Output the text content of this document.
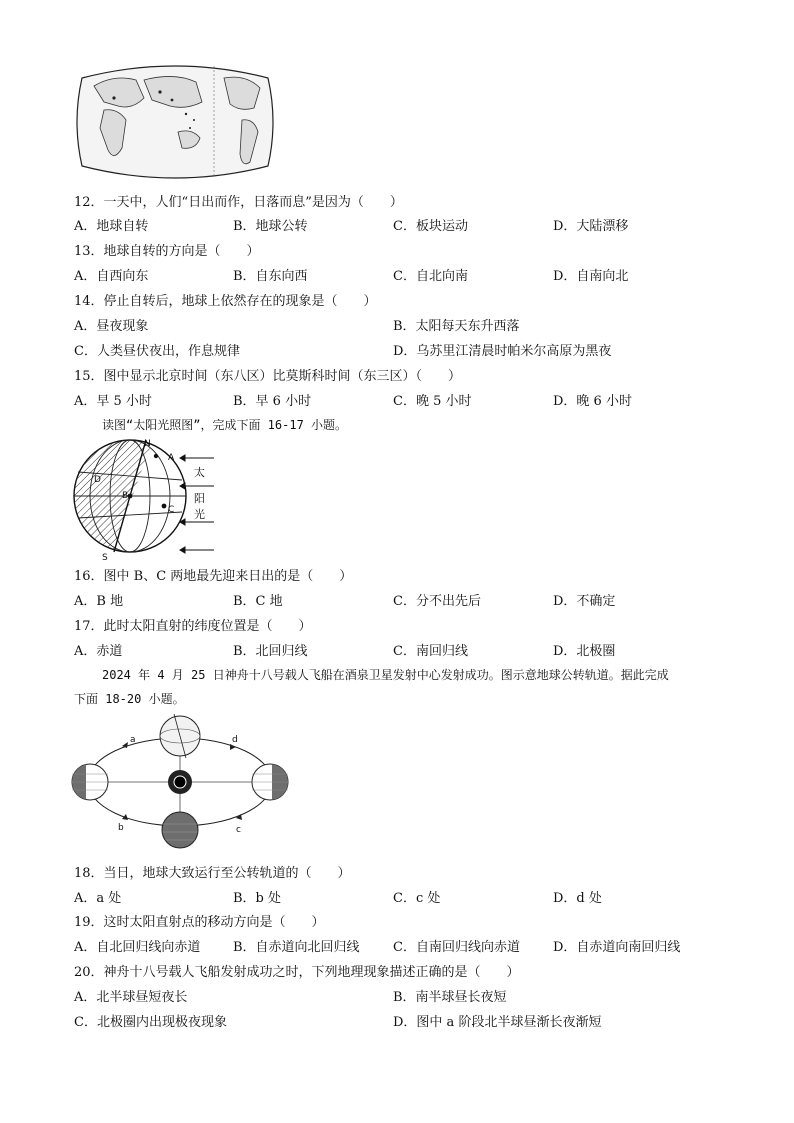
12．一天中，人们“日出而作，日落而息”是因为（　　）
A．地球自转	B．地球公转	C．板块运动	D．大陆漂移
13．地球自转的方向是（　　）
A．自西向东	B．自东向西	C．自北向南	D．自南向北
14．停止自转后，地球上依然存在的现象是（　　）
A．昼夜现象	B．太阳每天东升西落
C．人类昼伏夜出，作息规律	D．乌苏里江清晨时帕米尔高原为黑夜
15．图中显示北京时间（东八区）比莫斯科时间（东三区）（　　）
A．早 5 小时	B．早 6 小时	C．晚 5 小时	D．晚 6 小时
读图“太阳光照图”，完成下面 16-17 小题。
N
A
D
B
C
S
太
阳
光
16．图中 B、C 两地最先迎来日出的是（　　）
A．B 地	B．C 地	C．分不出先后	D．不确定
17．此时太阳直射的纬度位置是（　　）
A．赤道	B．北回归线	C．南回归线	D．北极圈
2024 年 4 月 25 日神舟十八号载人飞船在酒泉卫星发射中心发射成功。图示意地球公转轨道。据此完成
下面 18-20 小题。
a
b	c
d
18．当日，地球大致运行至公转轨道的（　　）
A．a 处	B．b 处	C．c 处	D．d 处
19．这时太阳直射点的移动方向是（　　）
A．自北回归线向赤道	B．自赤道向北回归线	C．自南回归线向赤道	D．自赤道向南回归线
20．神舟十八号载人飞船发射成功之时，下列地理现象描述正确的是（　　）
A．北半球昼短夜长	B．南半球昼长夜短
C．北极圈内出现极夜现象	D．图中 a 阶段北半球昼渐长夜渐短
